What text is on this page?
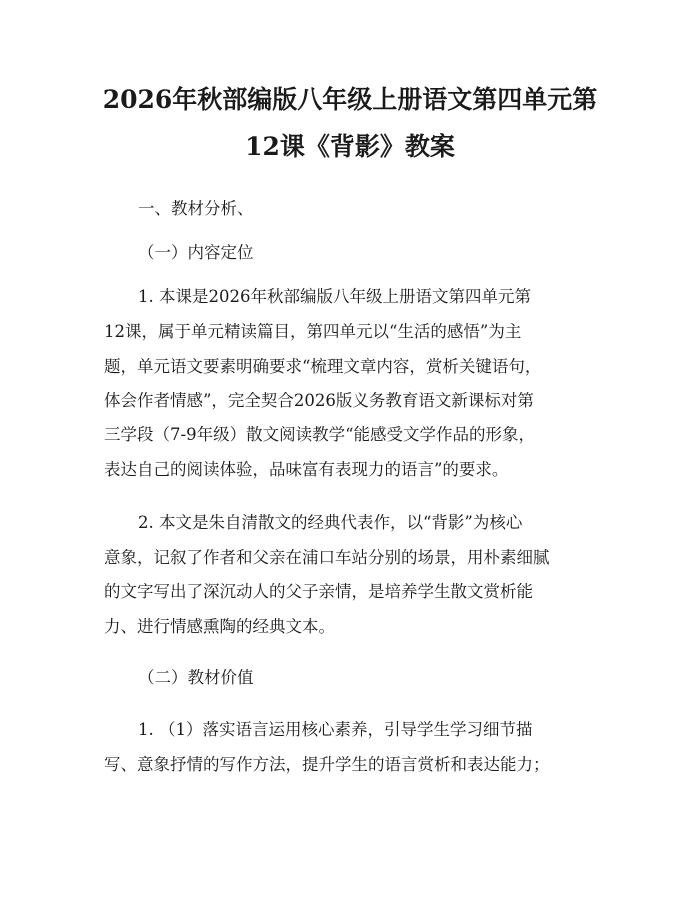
2026年秋部编版八年级上册语文第四单元第
12课《背影》教案
一、教材分析、
（一）内容定位
1. 本课是2026年秋部编版八年级上册语文第四单元第
12课，属于单元精读篇目，第四单元以“生活的感悟”为主
题，单元语文要素明确要求“梳理文章内容，赏析关键语句，
体会作者情感”，完全契合2026版义务教育语文新课标对第
三学段（7-9年级）散文阅读教学“能感受文学作品的形象，
表达自己的阅读体验，品味富有表现力的语言”的要求。
2. 本文是朱自清散文的经典代表作，以“背影”为核心
意象，记叙了作者和父亲在浦口车站分别的场景，用朴素细腻
的文字写出了深沉动人的父子亲情，是培养学生散文赏析能
力、进行情感熏陶的经典文本。
（二）教材价值
1. （1）落实语言运用核心素养，引导学生学习细节描
写、意象抒情的写作方法，提升学生的语言赏析和表达能力；
